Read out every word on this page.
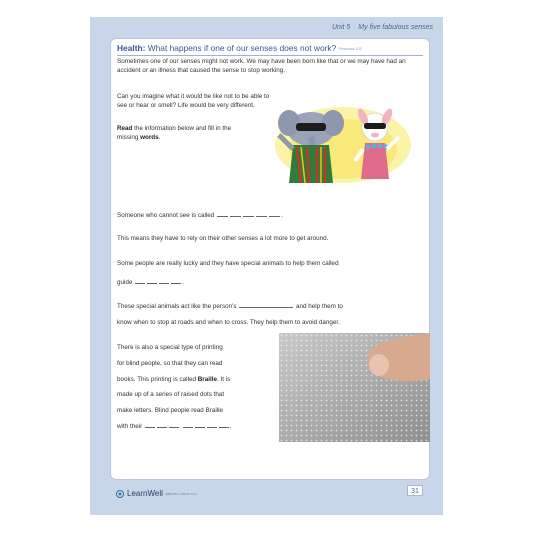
Unit 5 My five fabulous senses
Health: What happens if one of our senses does not work? Resource 103
Sometimes one of our senses might not work. We may have been born like that or we may have had an accident or an illness that caused the sense to stop working.
Can you imagine what it would be like not to be able to see or hear or smell? Life would be very different.
Read the information below and fill in the missing words.
Someone who cannot see is called	.
This means they have to rely on their other senses a lot more to get around.
Some people are really lucky and they have special animals to help them called
guide	.
These special animals act like the person's	and help them to
know when to stop at roads and when to cross. They help them to avoid danger.
There is also a special type of printing
for blind people, so that they can read
books. This printing is called Braille. It is
made up of a series of raised dots that
make letters. Blind people read Braille
with their	.
LearnWell ISBN 978-1-906025-72-6	31
